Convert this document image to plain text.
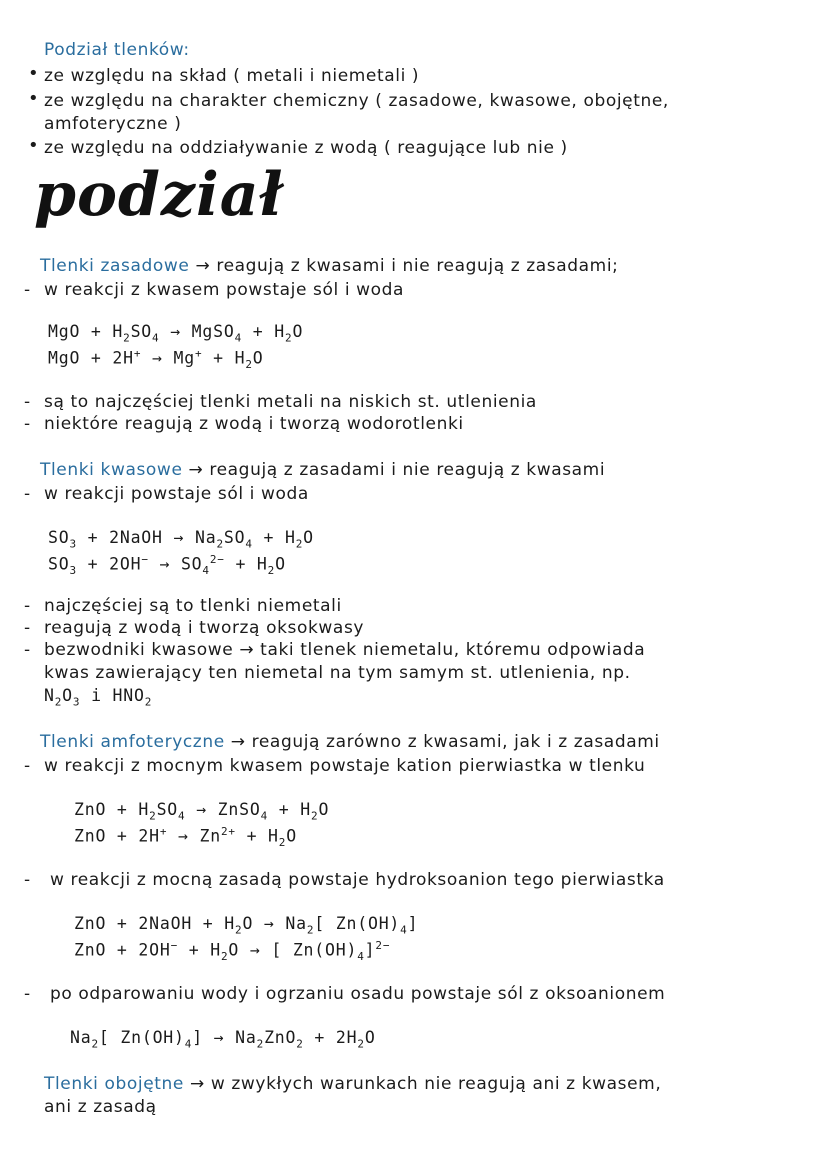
Podział tlenków:
• ze względu na skład ( metali i niemetali )
• ze względu na charakter chemiczny ( zasadowe, kwasowe, obojętne,
amfoteryczne )
• ze względu na oddziaływanie z wodą ( reagujące lub nie )
podział
Tlenki zasadowe → reagują z kwasami i nie reagują z zasadami;
- w reakcji z kwasem powstaje sól i woda
MgO + $H_2SO_4$ → MgSO$_4$ + $H_2O$
MgO + $2H^+ \to Mg^+ + H_2O$
- są to najczęściej tlenki metali na niskich st. utlenienia
- niektóre reagują z wodą i tworzą wodorotlenki
Tlenki kwasowe → reagują z zasadami i nie reagują z kwasami
- w reakcji powstaje sól i woda
$SO_3$ + 2NaOH → $Na_2SO_4 + H_2O$
$SO_3 + 2OH^- \to SO_4^{2-} + H_2O$
- najczęściej są to tlenki niemetali
- reagują z wodą i tworzą oksokwasy
- bezwodniki kwasowe → taki tlenek niemetalu, któremu odpowiada
kwas zawierający ten niemetal na tym samym st. utlenienia, np.
$N_2O_3$ i $HNO_2$
Tlenki amfoteryczne → reagują zarówno z kwasami, jak i z zasadami
- w reakcji z mocnym kwasem powstaje kation pierwiastka w tlenku
ZnO + $H_2SO_4$ → ZnSO$_4$ + $H_2O$
ZnO + $2H^+ \to Zn^{2+} + H_2O$
- w reakcji z mocną zasadą powstaje hydroksoanion tego pierwiastka
ZnO + 2NaOH + $H_2O \to Na_2$[ $Zn(OH)_4$]
ZnO + $2OH^- + H_2O$ → [ $Zn(OH)_4]^{2-}$
- po odparowaniu wody i ogrzaniu osadu powstaje sól z oksoanionem
$Na_2$[ $Zn(OH)_4] \to Na_2ZnO_2 + 2H_2O$
Tlenki obojętne → w zwykłych warunkach nie reagują ani z kwasem,
ani z zasadą
